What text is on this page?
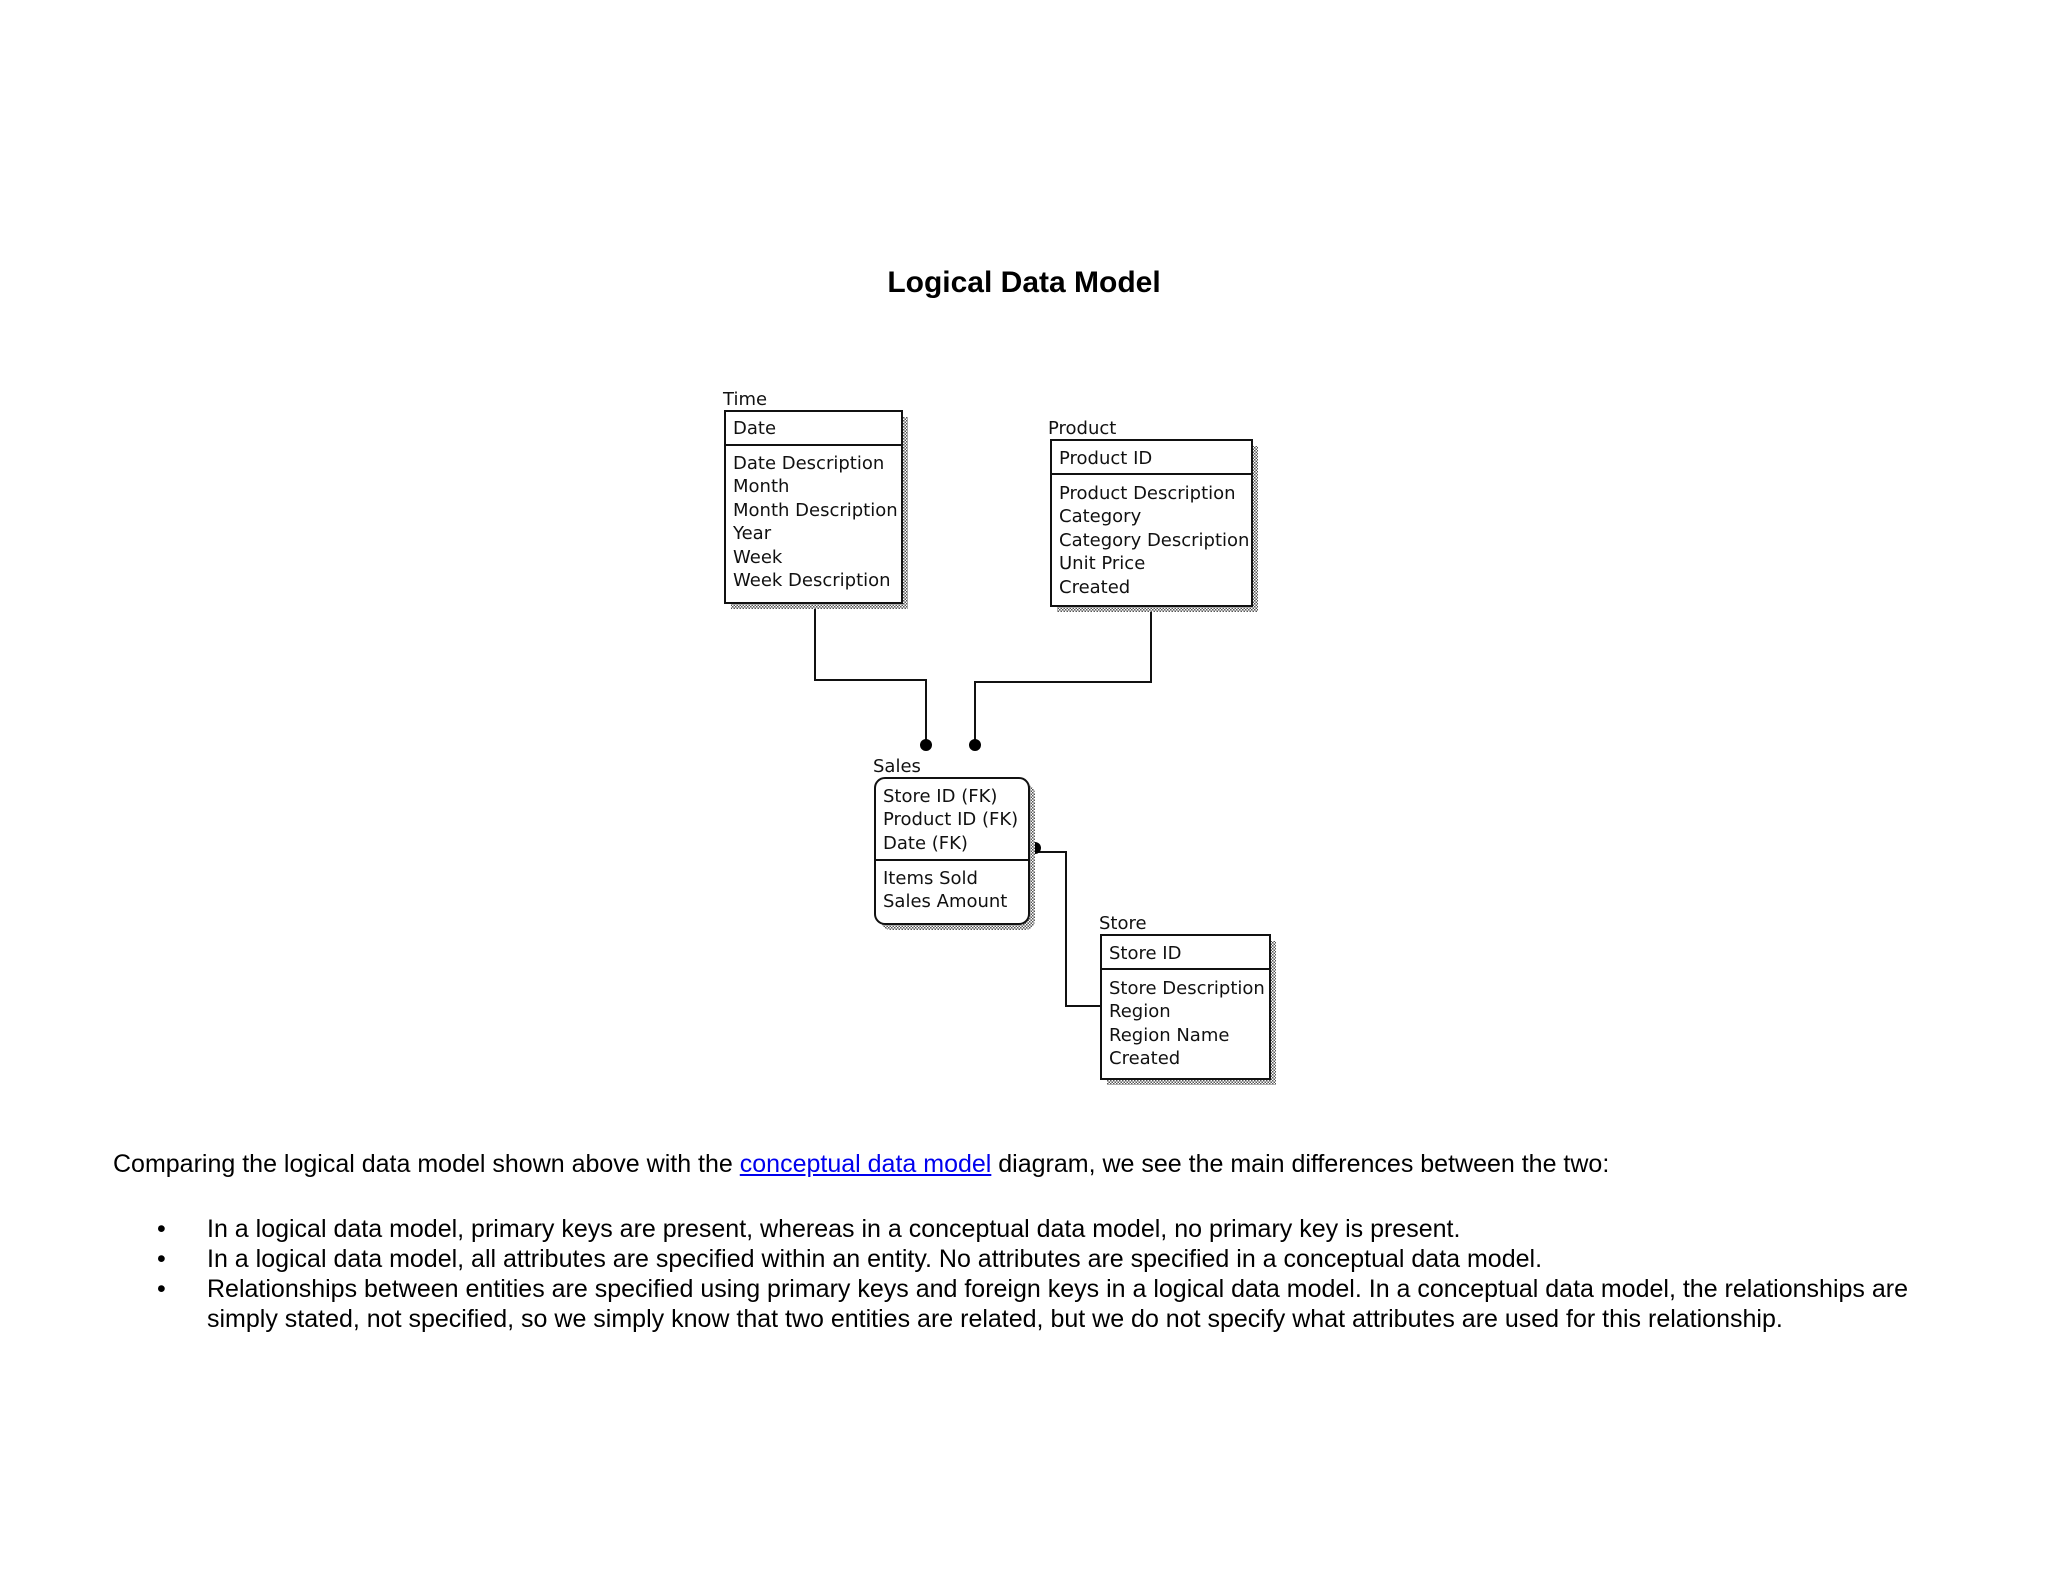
Logical Data Model
Time
Date
Date Description
Month
Month Description
Year
Week
Week Description
Product
Product ID
Product Description
Category
Category Description
Unit Price
Created
Sales
Store ID (FK)
Product ID (FK)
Date (FK)
Items Sold
Sales Amount
Store
Store ID
Store Description
Region
Region Name
Created

Comparing the logical data model shown above with the conceptual data model diagram, we see the main differences between the two:

• In a logical data model, primary keys are present, whereas in a conceptual data model, no primary key is present.
• In a logical data model, all attributes are specified within an entity. No attributes are specified in a conceptual data model.
• Relationships between entities are specified using primary keys and foreign keys in a logical data model. In a conceptual data model, the relationships are simply stated, not specified, so we simply know that two entities are related, but we do not specify what attributes are used for this relationship.
